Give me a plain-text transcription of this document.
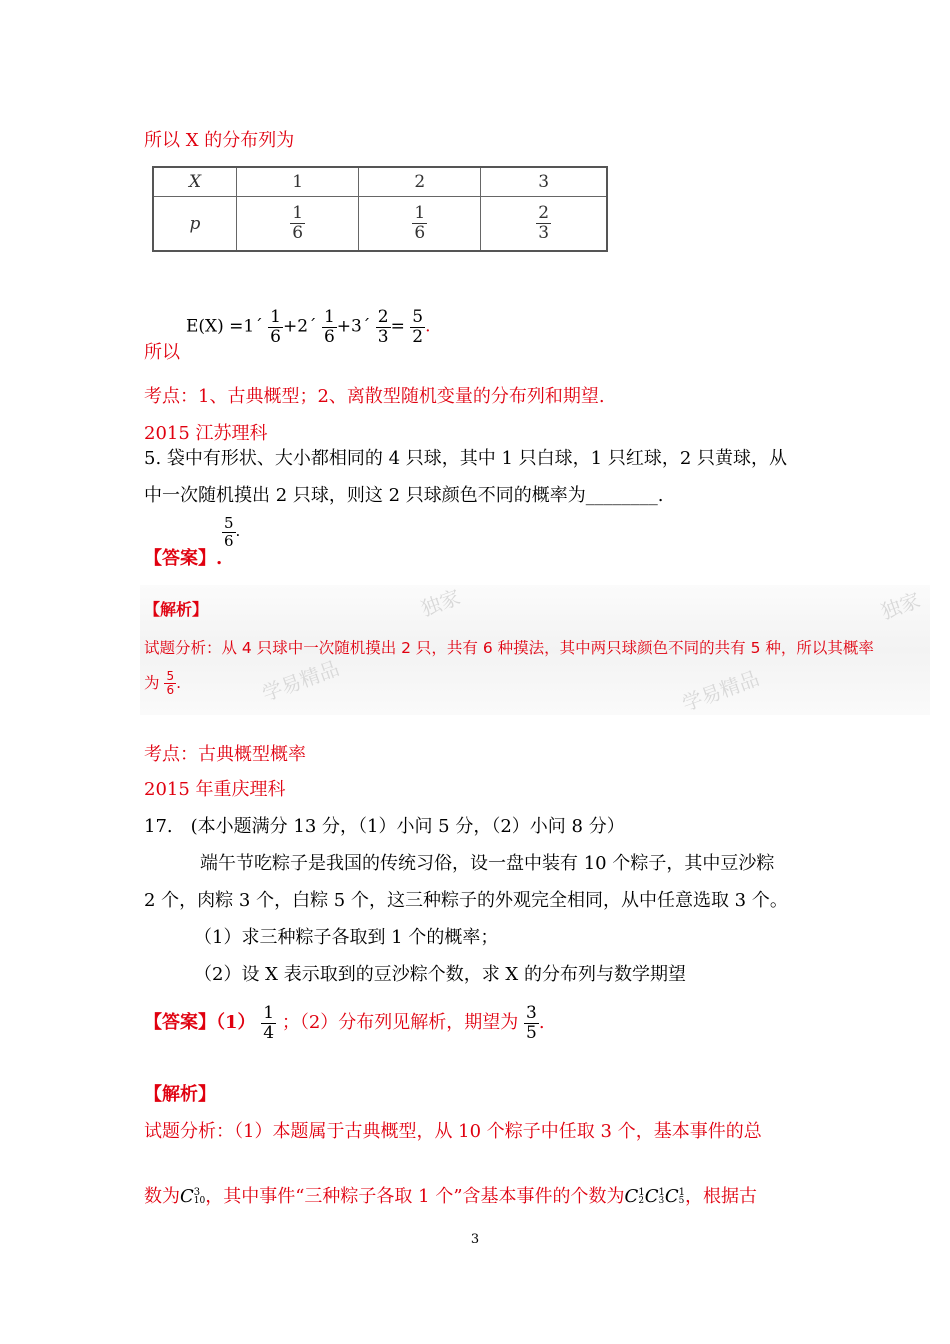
所以 X 的分布列为
X	1	2	3
p	$\frac{1}{6}$	$\frac{1}{6}$	$\frac{2}{3}$
E(X) =1´ $\frac{1}{6}$ +2´ $\frac{1}{6}$ +3´ $\frac{2}{3} = \frac{5}{2}$ .
所以
考点：1、古典概型；2、离散型随机变量的分布列和期望.
2015 江苏理科
5. 袋中有形状、大小都相同的 4 只球，其中 1 只白球，1 只红球，2 只黄球，从
中一次随机摸出 2 只球，则这 2 只球颜色不同的概率为________.
【答案】.
$\frac{5}{6}$ .
独家
学易精品	学易精品
独家
【解析】
试题分析：从 4 只球中一次随机摸出 2 只，共有 6 种摸法，其中两只球颜色不同的共有 5 种，所以其概率
为 $\frac{5}{6}$ .
考点：古典概型概率
2015 年重庆理科
17.　(本小题满分 13 分，（1）小问 5 分，（2）小问 8 分）
端午节吃粽子是我国的传统习俗，设一盘中装有 10 个粽子，其中豆沙粽
2 个，肉粽 3 个，白粽 5 个，这三种粽子的外观完全相同，从中任意选取 3 个。
（1）求三种粽子各取到 1 个的概率；
（2）设 X 表示取到的豆沙粽个数，求 X 的分布列与数学期望
【答案】$(1) \frac{1}{4}$ ；（2）分布列见解析，期望为 $\frac{3}{5}$ .
【解析】
试题分析：（1）本题属于古典概型，从 10 个粽子中任取 3 个，基本事件的总
数为C 3
10 ，其中事件“三种粽子各取 1 个”含基本事件的个数为C 1
2 C 1
3 C 1
5 ，根据古
3
